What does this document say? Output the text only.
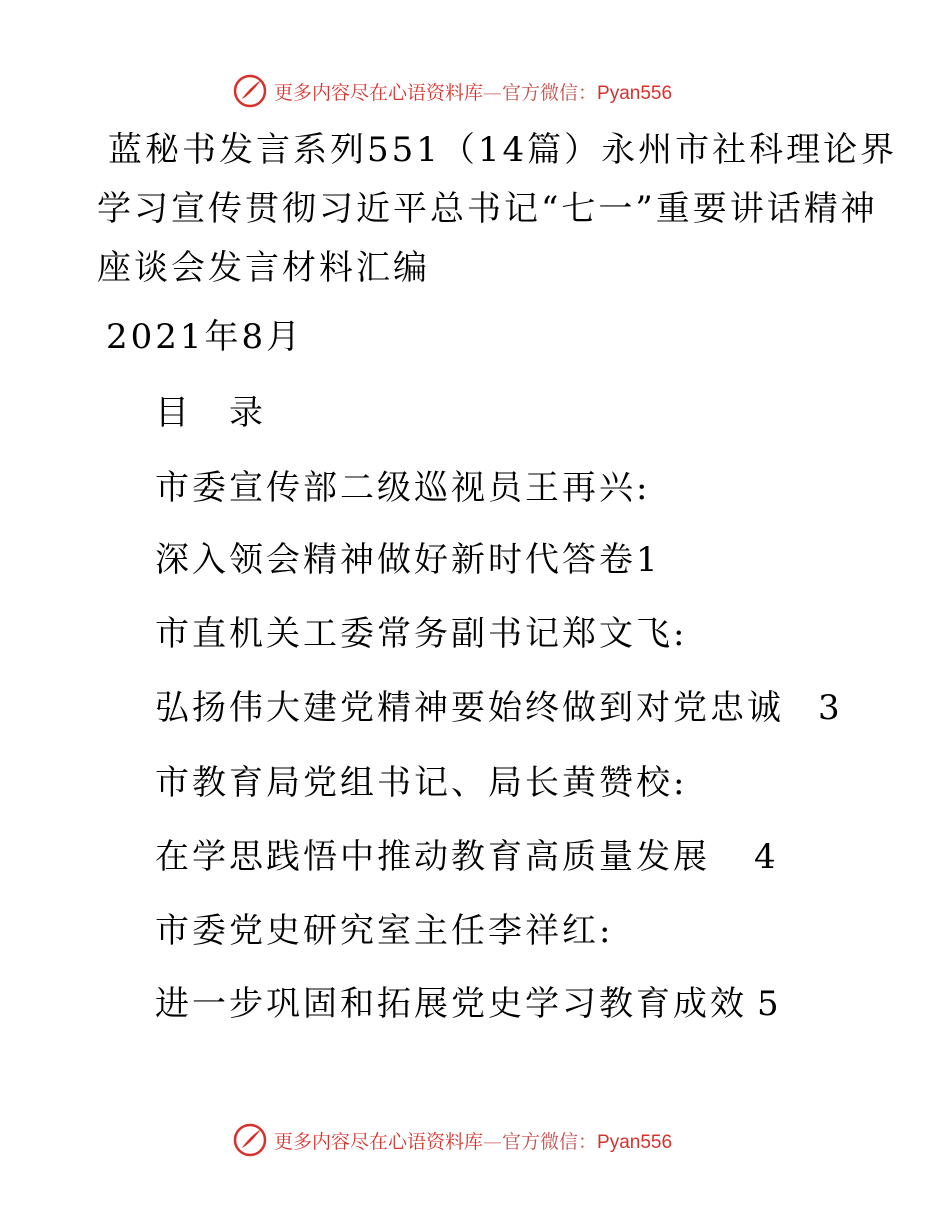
更多内容尽在心语资料库—官方微信：Pyan556
蓝秘书发言系列551（14篇）永州市社科理论界
学习宣传贯彻习近平总书记“七一”重要讲话精神
座谈会发言材料汇编
2021年8月
目　录
市委宣传部二级巡视员王再兴:
深入领会精神做好新时代答卷1
市直机关工委常务副书记郑文飞:
弘扬伟大建党精神要始终做到对党忠诚 3
市教育局党组书记、局长黄赞校:
在学思践悟中推动教育高质量发展 4
市委党史研究室主任李祥红:
进一步巩固和拓展党史学习教育成效 5
更多内容尽在心语资料库—官方微信：Pyan556
